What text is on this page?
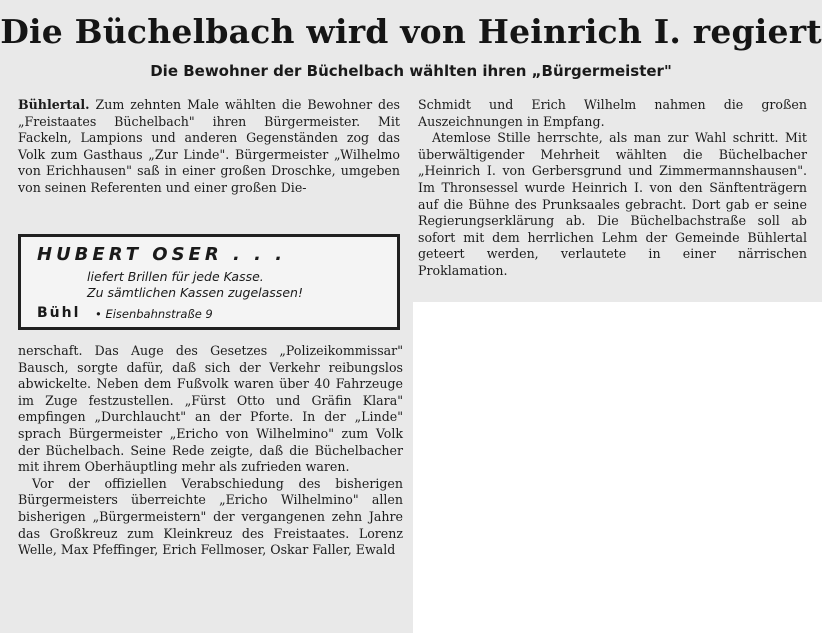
Die Büchelbach wird von Heinrich I. regiert
Die Bewohner der Büchelbach wählten ihren „Bürgermeister"

Bühlertal. Zum zehnten Male wählten die Bewohner des „Freistaates Büchelbach" ihren Bürgermeister. Mit Fackeln, Lampions und anderen Gegenständen zog das Volk zum Gasthaus „Zur Linde". Bürgermeister „Wilhelmo von Erichhausen" saß in einer großen Droschke, umgeben von seinen Referenten und einer großen Die-

HUBERT OSER . . .
liefert Brillen für jede Kasse.
Zu sämtlichen Kassen zugelassen!
Bühl • Eisenbahnstraße 9

nerschaft. Das Auge des Gesetzes „Polizeikommissar" Bausch, sorgte dafür, daß sich der Verkehr reibungslos abwickelte. Neben dem Fußvolk waren über 40 Fahrzeuge im Zuge festzustellen. „Fürst Otto und Gräfin Klara" empfingen „Durchlaucht" an der Pforte. In der „Linde" sprach Bürgermeister „Ericho von Wilhelmino" zum Volk der Büchelbach. Seine Rede zeigte, daß die Büchelbacher mit ihrem Oberhäuptling mehr als zufrieden waren.

Vor der offiziellen Verabschiedung des bisherigen Bürgermeisters überreichte „Ericho Wilhelmino" allen bisherigen „Bürgermeistern" der vergangenen zehn Jahre das Großkreuz zum Kleinkreuz des Freistaates. Lorenz Welle, Max Pfeffinger, Erich Fellmoser, Oskar Faller, Ewald

Schmidt und Erich Wilhelm nahmen die großen Auszeichnungen in Empfang.

Atemlose Stille herrschte, als man zur Wahl schritt. Mit überwältigender Mehrheit wählten die Büchelbacher „Heinrich I. von Gerbersgrund und Zimmermannshausen". Im Thronsessel wurde Heinrich I. von den Sänftenträgern auf die Bühne des Prunksaales gebracht. Dort gab er seine Regierungserklärung ab. Die Büchelbachstraße soll ab sofort mit dem herrlichen Lehm der Gemeinde Bühlertal geteert werden, verlautete in einer närrischen Proklamation.
